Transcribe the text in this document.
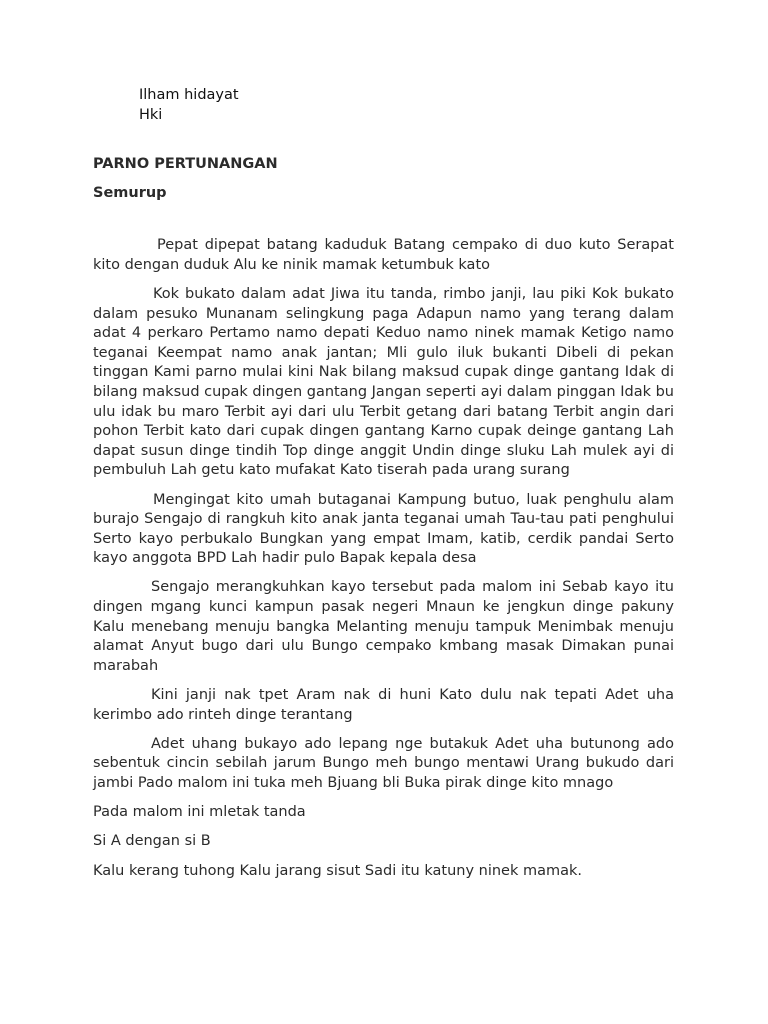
Ilham hidayat
Hki
PARNO PERTUNANGAN
Semurup

Pepat dipepat batang kaduduk Batang cempako di duo kuto Serapat kito dengan duduk Alu ke ninik mamak ketumbuk kato

Kok bukato dalam adat Jiwa itu tanda, rimbo janji, lau piki Kok bukato dalam pesuko Munanam selingkung paga Adapun namo yang terang dalam adat 4 perkaro Pertamo namo depati Keduo namo ninek mamak Ketigo namo teganai Keempat namo anak jantan; Mli gulo iluk bukanti Dibeli di pekan tinggan Kami parno mulai kini Nak bilang maksud cupak dinge gantang Idak di bilang maksud cupak dingen gantang Jangan seperti ayi dalam pinggan Idak bu ulu idak bu maro Terbit ayi dari ulu Terbit getang dari batang Terbit angin dari pohon Terbit kato dari cupak dingen gantang Karno cupak deinge gantang Lah dapat susun dinge tindih Top dinge anggit Undin dinge sluku Lah mulek ayi di pembuluh Lah getu kato mufakat Kato tiserah pada urang surang

Mengingat kito umah butaganai Kampung butuo, luak penghulu alam burajo Sengajo di rangkuh kito anak janta teganai umah Tau-tau pati penghului Serto kayo perbukalo Bungkan yang empat Imam, katib, cerdik pandai Serto kayo anggota BPD Lah hadir pulo Bapak kepala desa

Sengajo merangkuhkan kayo tersebut pada malom ini Sebab kayo itu dingen mgang kunci kampun pasak negeri Mnaun ke jengkun dinge pakuny Kalu menebang menuju bangka Melanting menuju tampuk Menimbak menuju alamat Anyut bugo dari ulu Bungo cempako kmbang masak Dimakan punai marabah

Kini janji nak tpet Aram nak di huni Kato dulu nak tepati Adet uha kerimbo ado rinteh dinge terantang

Adet uhang bukayo ado lepang nge butakuk Adet uha butunong ado sebentuk cincin sebilah jarum Bungo meh bungo mentawi Urang bukudo dari jambi Pado malom ini tuka meh Bjuang bli Buka pirak dinge kito mnago

Pada malom ini mletak tanda

Si A dengan si B

Kalu kerang tuhong Kalu jarang sisut Sadi itu katuny ninek mamak.
